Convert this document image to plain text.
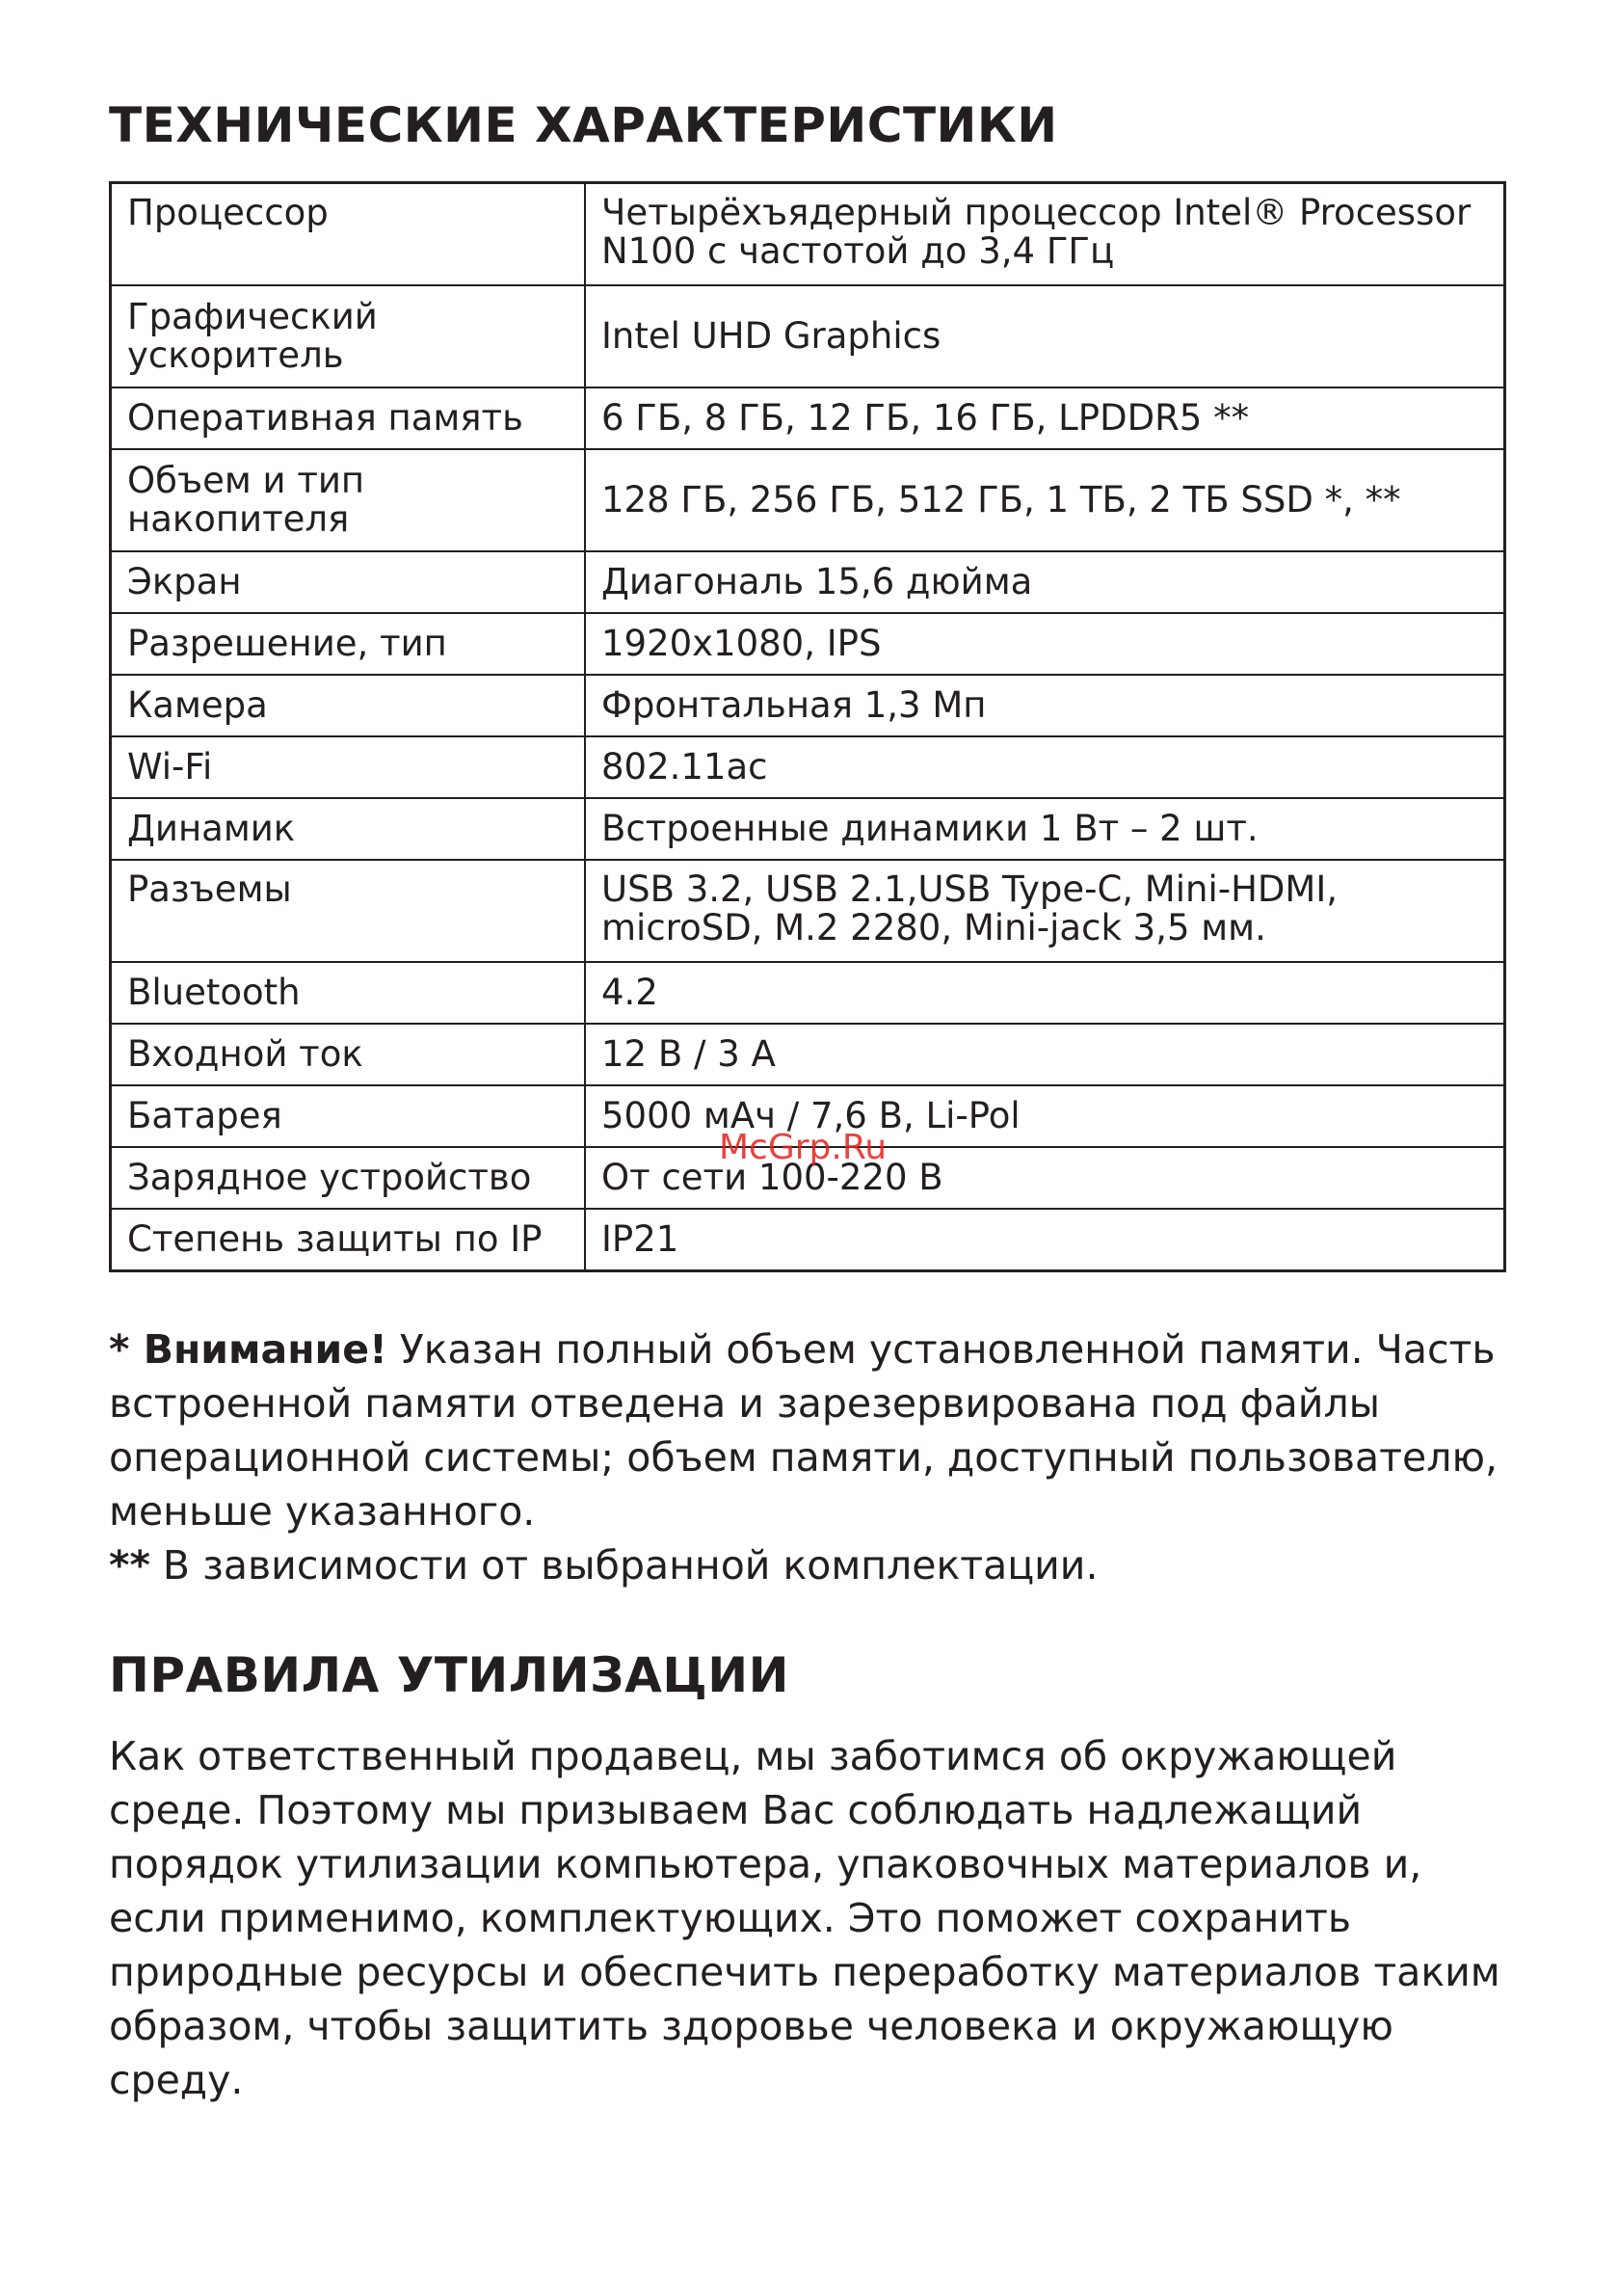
ТЕХНИЧЕСКИЕ ХАРАКТЕРИСТИКИ
Процессор	Четырёхъядерный процессор Intel® Processor N100 с частотой до 3,4 ГГц
Графический ускоритель	Intel UHD Graphics
Оперативная память	6 ГБ, 8 ГБ, 12 ГБ, 16 ГБ, LPDDR5 **
Объем и тип накопителя	128 ГБ, 256 ГБ, 512 ГБ, 1 ТБ, 2 ТБ SSD *, **
Экран	Диагональ 15,6 дюйма
Разрешение, тип	1920x1080, IPS
Камера	Фронтальная 1,3 Мп
Wi-Fi	802.11ac
Динамик	Встроенные динамики 1 Вт – 2 шт.
Разъемы	USB 3.2, USB 2.1,USB Type-C, Mini-HDMI, microSD, M.2 2280, Mini-jack 3,5 мм.
Bluetooth	4.2
Входной ток	12 В / 3 А
Батарея	5000 мАч / 7,6 В, Li-Pol
Зарядное устройство	От сети 100-220 В
Степень защиты по IP	IP21

* Внимание! Указан полный объем установленной памяти. Часть встроенной памяти отведена и зарезервирована под файлы операционной системы; объем памяти, доступный пользователю, меньше указанного.

** В зависимости от выбранной комплектации.

ПРАВИЛА УТИЛИЗАЦИИ

Как ответственный продавец, мы заботимся об окружающей среде. Поэтому мы призываем Вас соблюдать надлежащий порядок утилизации компьютера, упаковочных материалов и, если применимо, комплектующих. Это поможет сохранить природные ресурсы и обеспечить переработку материалов таким образом, чтобы защитить здоровье человека и окружающую среду.

McGrp.Ru
